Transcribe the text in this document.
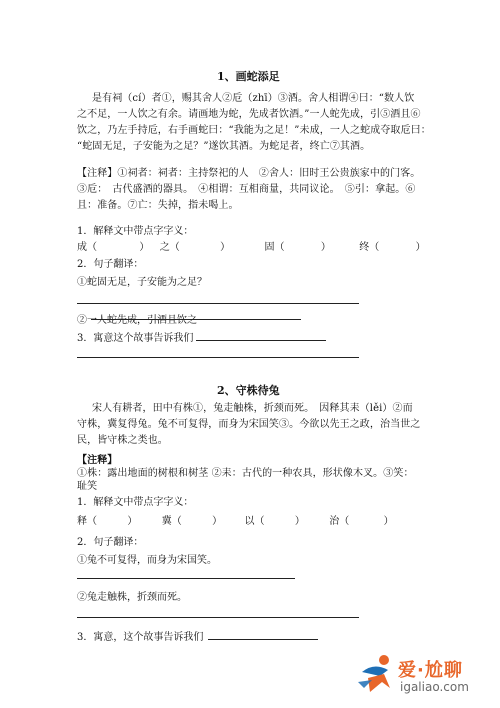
1、画蛇添足
是有祠（cí）者①，赐其舍人②卮（zhī）③酒。舍人相谓④曰：“数人饮
之不足，一人饮之有余。请画地为蛇，先成者饮酒。”一人蛇先成，引⑤酒且⑥
饮之，乃左手持卮，右手画蛇曰：“我能为之足！”未成，一人之蛇成夺取卮曰：
“蛇固无足，子安能为之足？”遂饮其酒。为蛇足者，终亡⑦其酒。
【注释】①祠者：祠者：主持祭祀的人　②舍人：旧时王公贵族家中的门客。
③卮：　古代盛酒的器具。　④相谓：互相商量，共同议论。　⑤引：拿起。⑥
且：准备。⑦亡：失掉，指未喝上。
1．解释文中带点字字义：
成（	） 之（	）	固（	）	终（	）
2．句子翻译：
①蛇固无足，子安能为之足？
②一人蛇先成，引酒且饮之
3．寓意这个故事告诉我们
2、守株待兔
宋人有耕者，田中有株①，兔走触株，折颈而死。　因释其耒（lěi）②而
守株，冀复得兔。兔不可复得，而身为宋国笑③。今欲以先王之政，治当世之
民，皆守株之类也。
【注释】
①株：露出地面的树根和树茎 ②耒：古代的一种农具，形状像木叉。③笑：
耻笑
1．解释文中带点字字义：
释（	） 冀（	） 以（	） 治（	）
2．句子翻译：
①兔不可复得，而身为宋国笑。
②兔走触株，折颈而死。
3．寓意，这个故事告诉我们
爱·尬聊
igaliao.com
